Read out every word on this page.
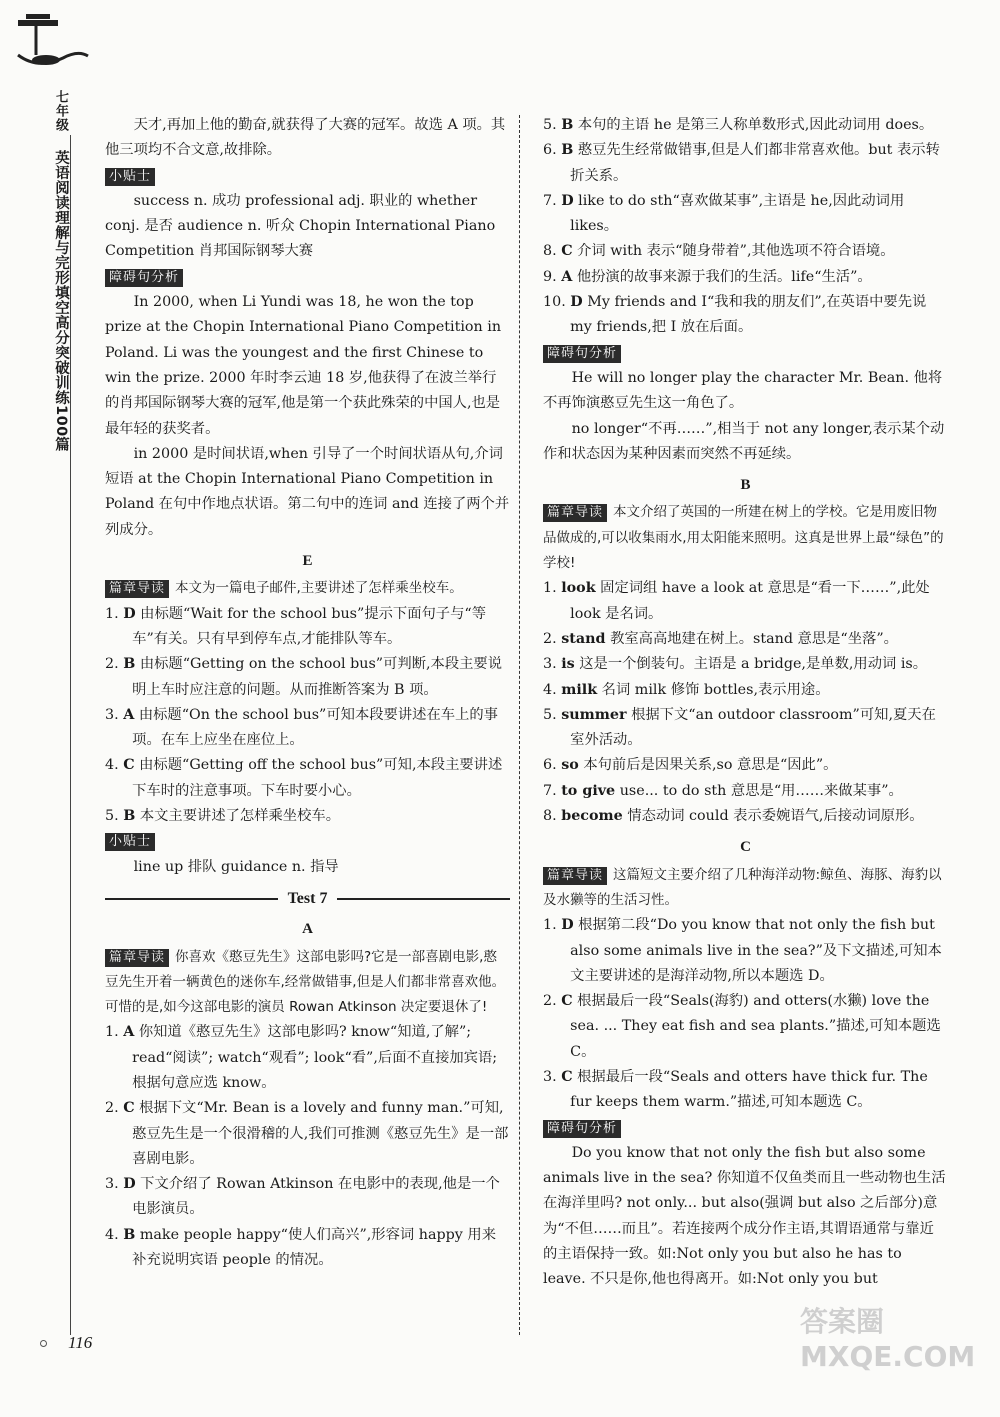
七年级
英语阅读理解与完形填空高分突破训练100篇
116

天才,再加上他的勤奋,就获得了大赛的冠军。故选 A 项。其他三项均不合文意,故排除。

小贴士

success n. 成功 professional adj. 职业的 whether conj. 是否 audience n. 听众 Chopin International Piano Competition 肖邦国际钢琴大赛

障碍句分析

In 2000, when Li Yundi was 18, he won the top prize at the Chopin International Piano Competition in Poland. Li was the youngest and the first Chinese to win the prize. 2000 年时李云迪 18 岁,他获得了在波兰举行的肖邦国际钢琴大赛的冠军,他是第一个获此殊荣的中国人,也是最年轻的获奖者。

in 2000 是时间状语,when 引导了一个时间状语从句,介词短语 at the Chopin International Piano Competition in Poland 在句中作地点状语。第二句中的连词 and 连接了两个并列成分。

E

篇章导读 本文为一篇电子邮件,主要讲述了怎样乘坐校车。

1. D 由标题“Wait for the school bus”提示下面句子与“等车”有关。只有早到停车点,才能排队等车。

2. B 由标题“Getting on the school bus”可判断,本段主要说明上车时应注意的问题。从而推断答案为 B 项。

3. A 由标题“On the school bus”可知本段要讲述在车上的事项。在车上应坐在座位上。

4. C 由标题“Getting off the school bus”可知,本段主要讲述下车时的注意事项。下车时要小心。

5. B 本文主要讲述了怎样乘坐校车。

小贴士

line up 排队 guidance n. 指导

Test 7
A

篇章导读 你喜欢《憨豆先生》这部电影吗?它是一部喜剧电影,憨豆先生开着一辆黄色的迷你车,经常做错事,但是人们都非常喜欢他。可惜的是,如今这部电影的演员 Rowan Atkinson 决定要退休了!

1. A 你知道《憨豆先生》这部电影吗? know“知道,了解”; read“阅读”; watch“观看”; look“看”,后面不直接加宾语;根据句意应选 know。

2. C 根据下文“Mr. Bean is a lovely and funny man.”可知,憨豆先生是一个很滑稽的人,我们可推测《憨豆先生》是一部喜剧电影。

3. D 下文介绍了 Rowan Atkinson 在电影中的表现,他是一个电影演员。

4. B make people happy“使人们高兴”,形容词 happy 用来补充说明宾语 people 的情况。

5. B 本句的主语 he 是第三人称单数形式,因此动词用 does。

6. B 憨豆先生经常做错事,但是人们都非常喜欢他。but 表示转折关系。

7. D like to do sth“喜欢做某事”,主语是 he,因此动词用 likes。

8. C 介词 with 表示“随身带着”,其他选项不符合语境。

9. A 他扮演的故事来源于我们的生活。life“生活”。

10. D My friends and I“我和我的朋友们”,在英语中要先说 my friends,把 I 放在后面。

障碍句分析

He will no longer play the character Mr. Bean. 他将不再饰演憨豆先生这一角色了。

no longer“不再……”,相当于 not any longer,表示某个动作和状态因为某种因素而突然不再延续。

B

篇章导读 本文介绍了英国的一所建在树上的学校。它是用废旧物品做成的,可以收集雨水,用太阳能来照明。这真是世界上最“绿色”的学校!

1. look 固定词组 have a look at 意思是“看一下……”,此处 look 是名词。

2. stand 教室高高地建在树上。stand 意思是“坐落”。

3. is 这是一个倒装句。主语是 a bridge,是单数,用动词 is。

4. milk 名词 milk 修饰 bottles,表示用途。

5. summer 根据下文“an outdoor classroom”可知,夏天在室外活动。

6. so 本句前后是因果关系,so 意思是“因此”。

7. to give use... to do sth 意思是“用……来做某事”。

8. become 情态动词 could 表示委婉语气,后接动词原形。

C

篇章导读 这篇短文主要介绍了几种海洋动物:鲸鱼、海豚、海豹以及水獭等的生活习性。

1. D 根据第二段“Do you know that not only the fish but also some animals live in the sea?”及下文描述,可知本文主要讲述的是海洋动物,所以本题选 D。

2. C 根据最后一段“Seals(海豹) and otters(水獭) love the sea. ... They eat fish and sea plants.”描述,可知本题选 C。

3. C 根据最后一段“Seals and otters have thick fur. The fur keeps them warm.”描述,可知本题选 C。

障碍句分析

Do you know that not only the fish but also some animals live in the sea? 你知道不仅鱼类而且一些动物也生活在海洋里吗? not only... but also(强调 but also 之后部分)意为“不但……而且”。若连接两个成分作主语,其谓语通常与靠近的主语保持一致。如:Not only you but also he has to leave. 不只是你,他也得离开。如:Not only you but

答案圈 MXQE.COM
